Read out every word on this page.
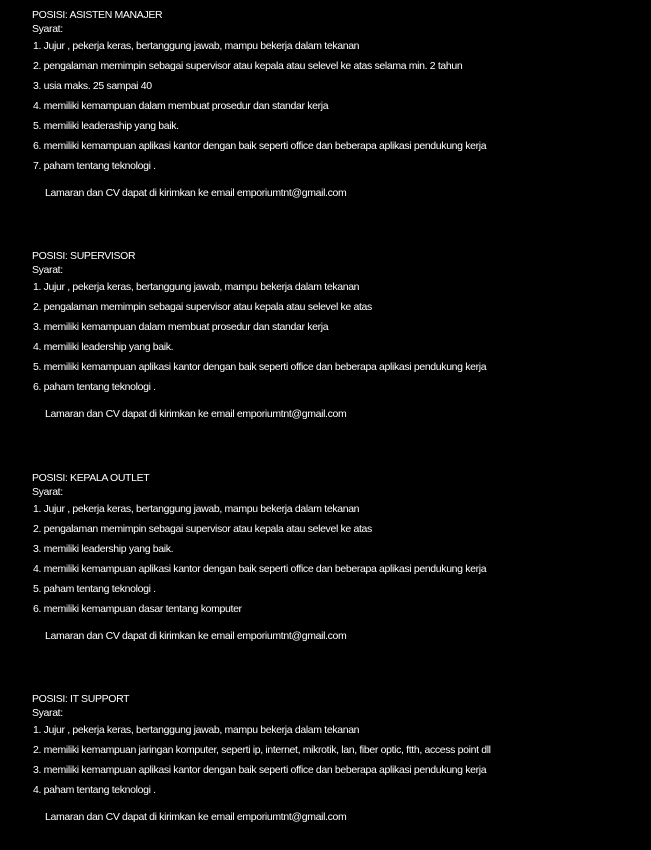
POSISI: ASISTEN MANAJER
Syarat:
1. Jujur , pekerja keras, bertanggung jawab, mampu bekerja dalam tekanan
2. pengalaman memimpin sebagai supervisor atau kepala atau selevel ke atas selama min. 2 tahun
3. usia maks. 25 sampai 40
4. memiliki kemampuan dalam membuat prosedur dan standar kerja
5. memiliki leaderaship yang baik.
6. memiliki kemampuan aplikasi kantor dengan baik seperti office dan beberapa aplikasi pendukung kerja
7. paham tentang teknologi .
Lamaran dan CV dapat di kirimkan ke email emporiumtnt@gmail.com
POSISI: SUPERVISOR
Syarat:
1. Jujur , pekerja keras, bertanggung jawab, mampu bekerja dalam tekanan
2. pengalaman memimpin sebagai supervisor atau kepala atau selevel ke atas
3. memiliki kemampuan dalam membuat prosedur dan standar kerja
4. memiliki leadership yang baik.
5. memiliki kemampuan aplikasi kantor dengan baik seperti office dan beberapa aplikasi pendukung kerja
6. paham tentang teknologi .
Lamaran dan CV dapat di kirimkan ke email emporiumtnt@gmail.com
POSISI: KEPALA OUTLET
Syarat:
1. Jujur , pekerja keras, bertanggung jawab, mampu bekerja dalam tekanan
2. pengalaman memimpin sebagai supervisor atau kepala atau selevel ke atas
3. memiliki leadership yang baik.
4. memiliki kemampuan aplikasi kantor dengan baik seperti office dan beberapa aplikasi pendukung kerja
5. paham tentang teknologi .
6. memiliki kemampuan dasar tentang komputer
Lamaran dan CV dapat di kirimkan ke email emporiumtnt@gmail.com
POSISI: IT SUPPORT
Syarat:
1. Jujur , pekerja keras, bertanggung jawab, mampu bekerja dalam tekanan
2. memiliki kemampuan jaringan komputer, seperti ip, internet, mikrotik, lan, fiber optic, ftth, access point dll
3. memiliki kemampuan aplikasi kantor dengan baik seperti office dan beberapa aplikasi pendukung kerja
4. paham tentang teknologi .
Lamaran dan CV dapat di kirimkan ke email emporiumtnt@gmail.com
